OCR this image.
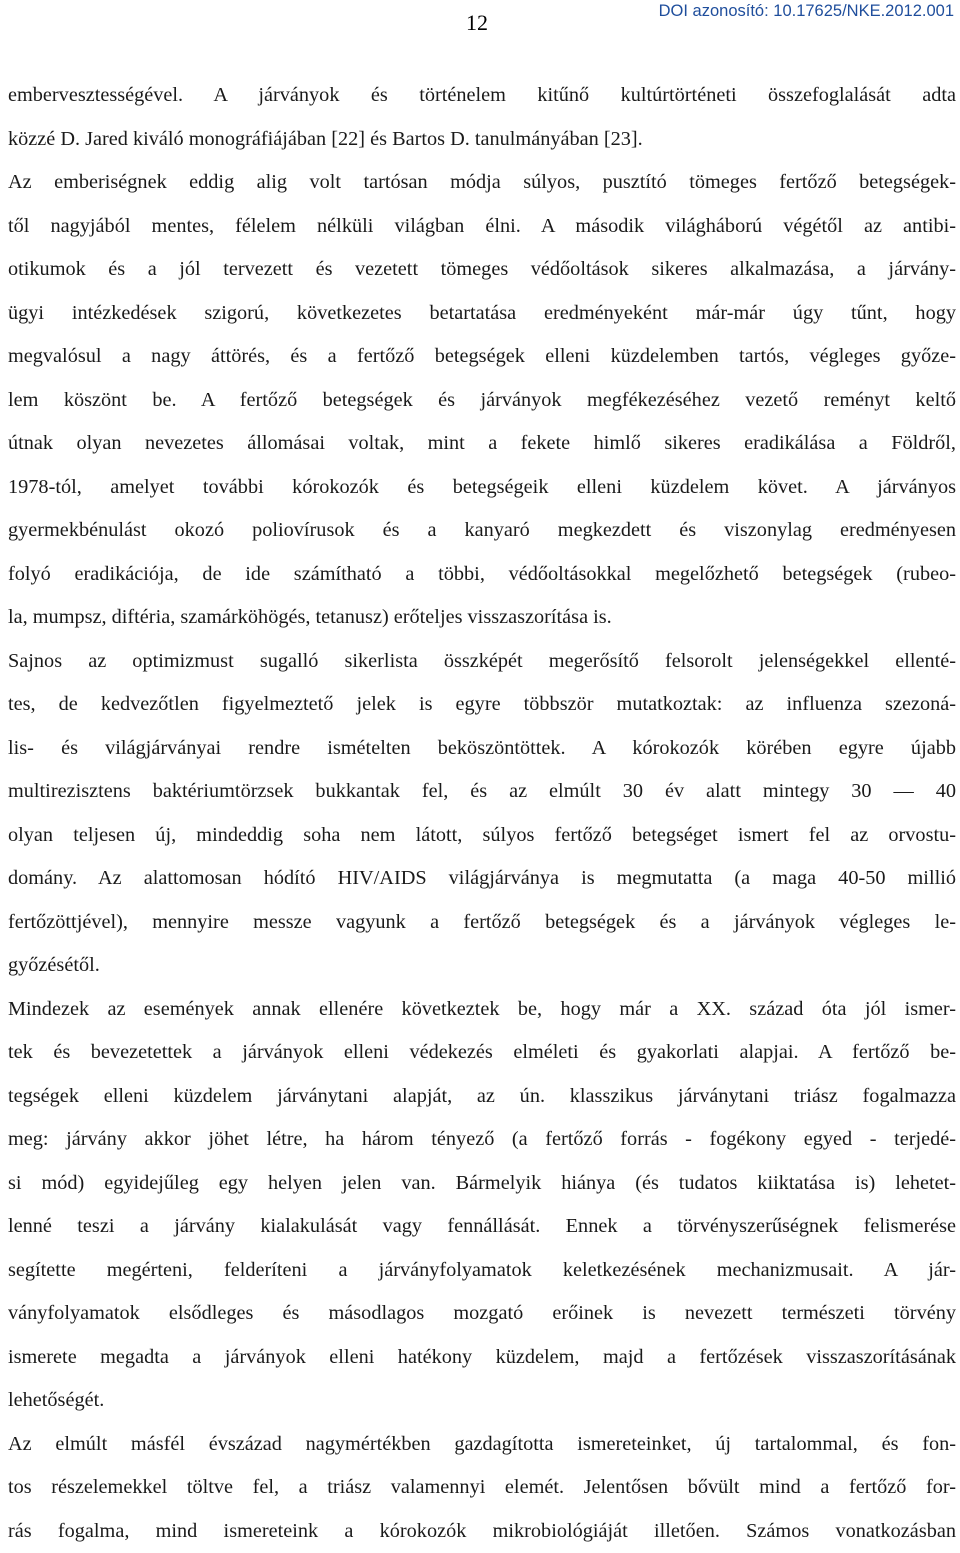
12	DOI azonosító: 10.17625/NKE.2012.001
embervesztességével. A járványok és történelem kitűnő kultúrtörténeti összefoglalását adta
közzé D. Jared kiváló monográfiájában [22] és Bartos D. tanulmányában [23].
Az emberiségnek eddig alig volt tartósan módja súlyos, pusztító tömeges fertőző betegségek-
től nagyjából mentes, félelem nélküli világban élni. A második világháború végétől az antibi-
otikumok és a jól tervezett és vezetett tömeges védőoltások sikeres alkalmazása, a járvány-
ügyi intézkedések szigorú, következetes betartatása eredményeként már-már úgy tűnt, hogy
megvalósul a nagy áttörés, és a fertőző betegségek elleni küzdelemben tartós, végleges győze-
lem köszönt be. A fertőző betegségek és járványok megfékezéséhez vezető reményt keltő
útnak olyan nevezetes állomásai voltak, mint a fekete himlő sikeres eradikálása a Földről,
1978-tól, amelyet további kórokozók és betegségeik elleni küzdelem követ. A járványos
gyermekbénulást okozó poliovírusok és a kanyaró megkezdett és viszonylag eredményesen
folyó eradikációja, de ide számítható a többi, védőoltásokkal megelőzhető betegségek (rubeo-
la, mumpsz, diftéria, szamárköhögés, tetanusz) erőteljes visszaszorítása is.
Sajnos az optimizmust sugalló sikerlista összképét megerősítő felsorolt jelenségekkel ellenté-
tes, de kedvezőtlen figyelmeztető jelek is egyre többször mutatkoztak: az influenza szezoná-
lis- és világjárványai rendre ismételten beköszöntöttek. A kórokozók körében egyre újabb
multirezisztens baktériumtörzsek bukkantak fel, és az elmúlt 30 év alatt mintegy 30 — 40
olyan teljesen új, mindeddig soha nem látott, súlyos fertőző betegséget ismert fel az orvostu-
domány. Az alattomosan hódító HIV/AIDS világjárványa is megmutatta (a maga 40-50 millió
fertőzöttjével), mennyire messze vagyunk a fertőző betegségek és a járványok végleges le-
győzésétől.
Mindezek az események annak ellenére következtek be, hogy már a XX. század óta jól ismer-
tek és bevezetettek a járványok elleni védekezés elméleti és gyakorlati alapjai. A fertőző be-
tegségek elleni küzdelem járványtani alapját, az ún. klasszikus járványtani triász fogalmazza
meg: járvány akkor jöhet létre, ha három tényező (a fertőző forrás - fogékony egyed - terjedé-
si mód) egyidejűleg egy helyen jelen van. Bármelyik hiánya (és tudatos kiiktatása is) lehetet-
lenné teszi a járvány kialakulását vagy fennállását. Ennek a törvényszerűségnek felismerése
segítette megérteni, felderíteni a járványfolyamatok keletkezésének mechanizmusait. A jár-
ványfolyamatok elsődleges és másodlagos mozgató erőinek is nevezett természeti törvény
ismerete megadta a járványok elleni hatékony küzdelem, majd a fertőzések visszaszorításának
lehetőségét.
Az elmúlt másfél évszázad nagymértékben gazdagította ismereteinket, új tartalommal, és fon-
tos részelemekkel töltve fel, a triász valamennyi elemét. Jelentősen bővült mind a fertőző for-
rás fogalma, mind ismereteink a kórokozók mikrobiológiáját illetően. Számos vonatkozásban
